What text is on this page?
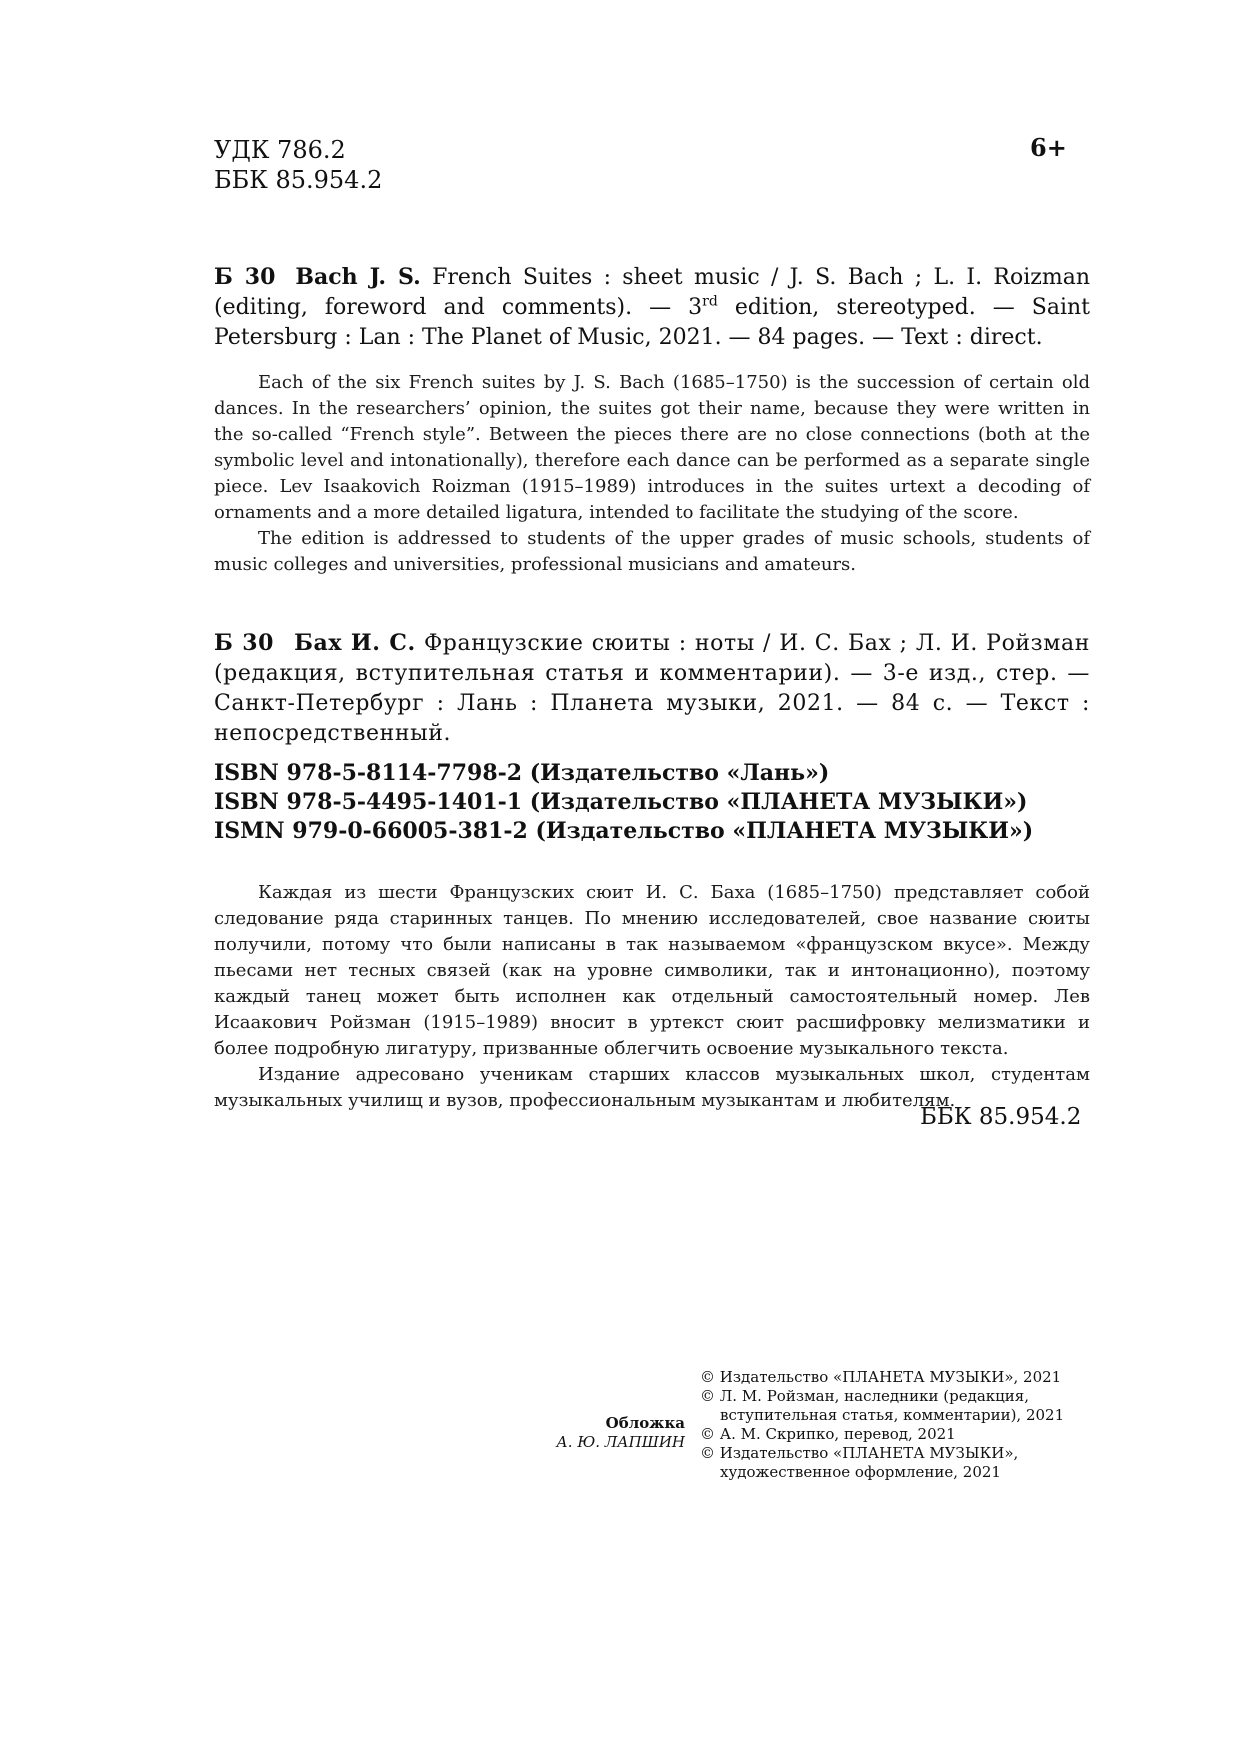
УДК 786.2
ББК 85.954.2
6+
Б 30 Bach J. S. French Suites : sheet music / J. S. Bach ; L. I. Roizman (editing, foreword and comments). — 3rd edition, stereotyped. — Saint Petersburg : Lan : The Planet of Music, 2021. — 84 pages. — Text : direct.

Each of the six French suites by J. S. Bach (1685–1750) is the succession of certain old dances. In the researchers’ opinion, the suites got their name, because they were written in the so-called “French style”. Between the pieces there are no close connections (both at the symbolic level and intonationally), therefore each dance can be performed as a separate single piece. Lev Isaakovich Roizman (1915–1989) introduces in the suites urtext a decoding of ornaments and a more detailed ligatura, intended to facilitate the studying of the score.

The edition is addressed to students of the upper grades of music schools, students of music colleges and universities, professional musicians and amateurs.

Б 30 Бах И. С. Французские сюиты : ноты / И. С. Бах ; Л. И. Ройзман (редакция, вступительная статья и комментарии). — 3-е изд., стер. — Санкт-Петербург : Лань : Планета музыки, 2021. — 84 с. — Текст : непосредственный.
ISBN 978-5-8114-7798-2 (Издательство «Лань»)
ISBN 978-5-4495-1401-1 (Издательство «ПЛАНЕТА МУЗЫКИ»)
ISMN 979-0-66005-381-2 (Издательство «ПЛАНЕТА МУЗЫКИ»)

Каждая из шести Французских сюит И. С. Баха (1685–1750) представляет собой следование ряда старинных танцев. По мнению исследователей, свое название сюиты получили, потому что были написаны в так называемом «французском вкусе». Между пьесами нет тесных связей (как на уровне символики, так и интонационно), поэтому каждый танец может быть исполнен как отдельный самостоятельный номер. Лев Исаакович Ройзман (1915–1989) вносит в уртекст сюит расшифровку мелизматики и более подробную лигатуру, призванные облегчить освоение музыкального текста.

Издание адресовано ученикам старших классов музыкальных школ, студентам музыкальных училищ и вузов, профессиональным музыкантам и любителям.

ББК 85.954.2
Обложка
А. Ю. ЛАПШИН
© Издательство «ПЛАНЕТА МУЗЫКИ», 2021
© Л. М. Ройзман, наследники (редакция,
вступительная статья, комментарии), 2021
© А. М. Скрипко, перевод, 2021
© Издательство «ПЛАНЕТА МУЗЫКИ»,
художественное оформление, 2021
